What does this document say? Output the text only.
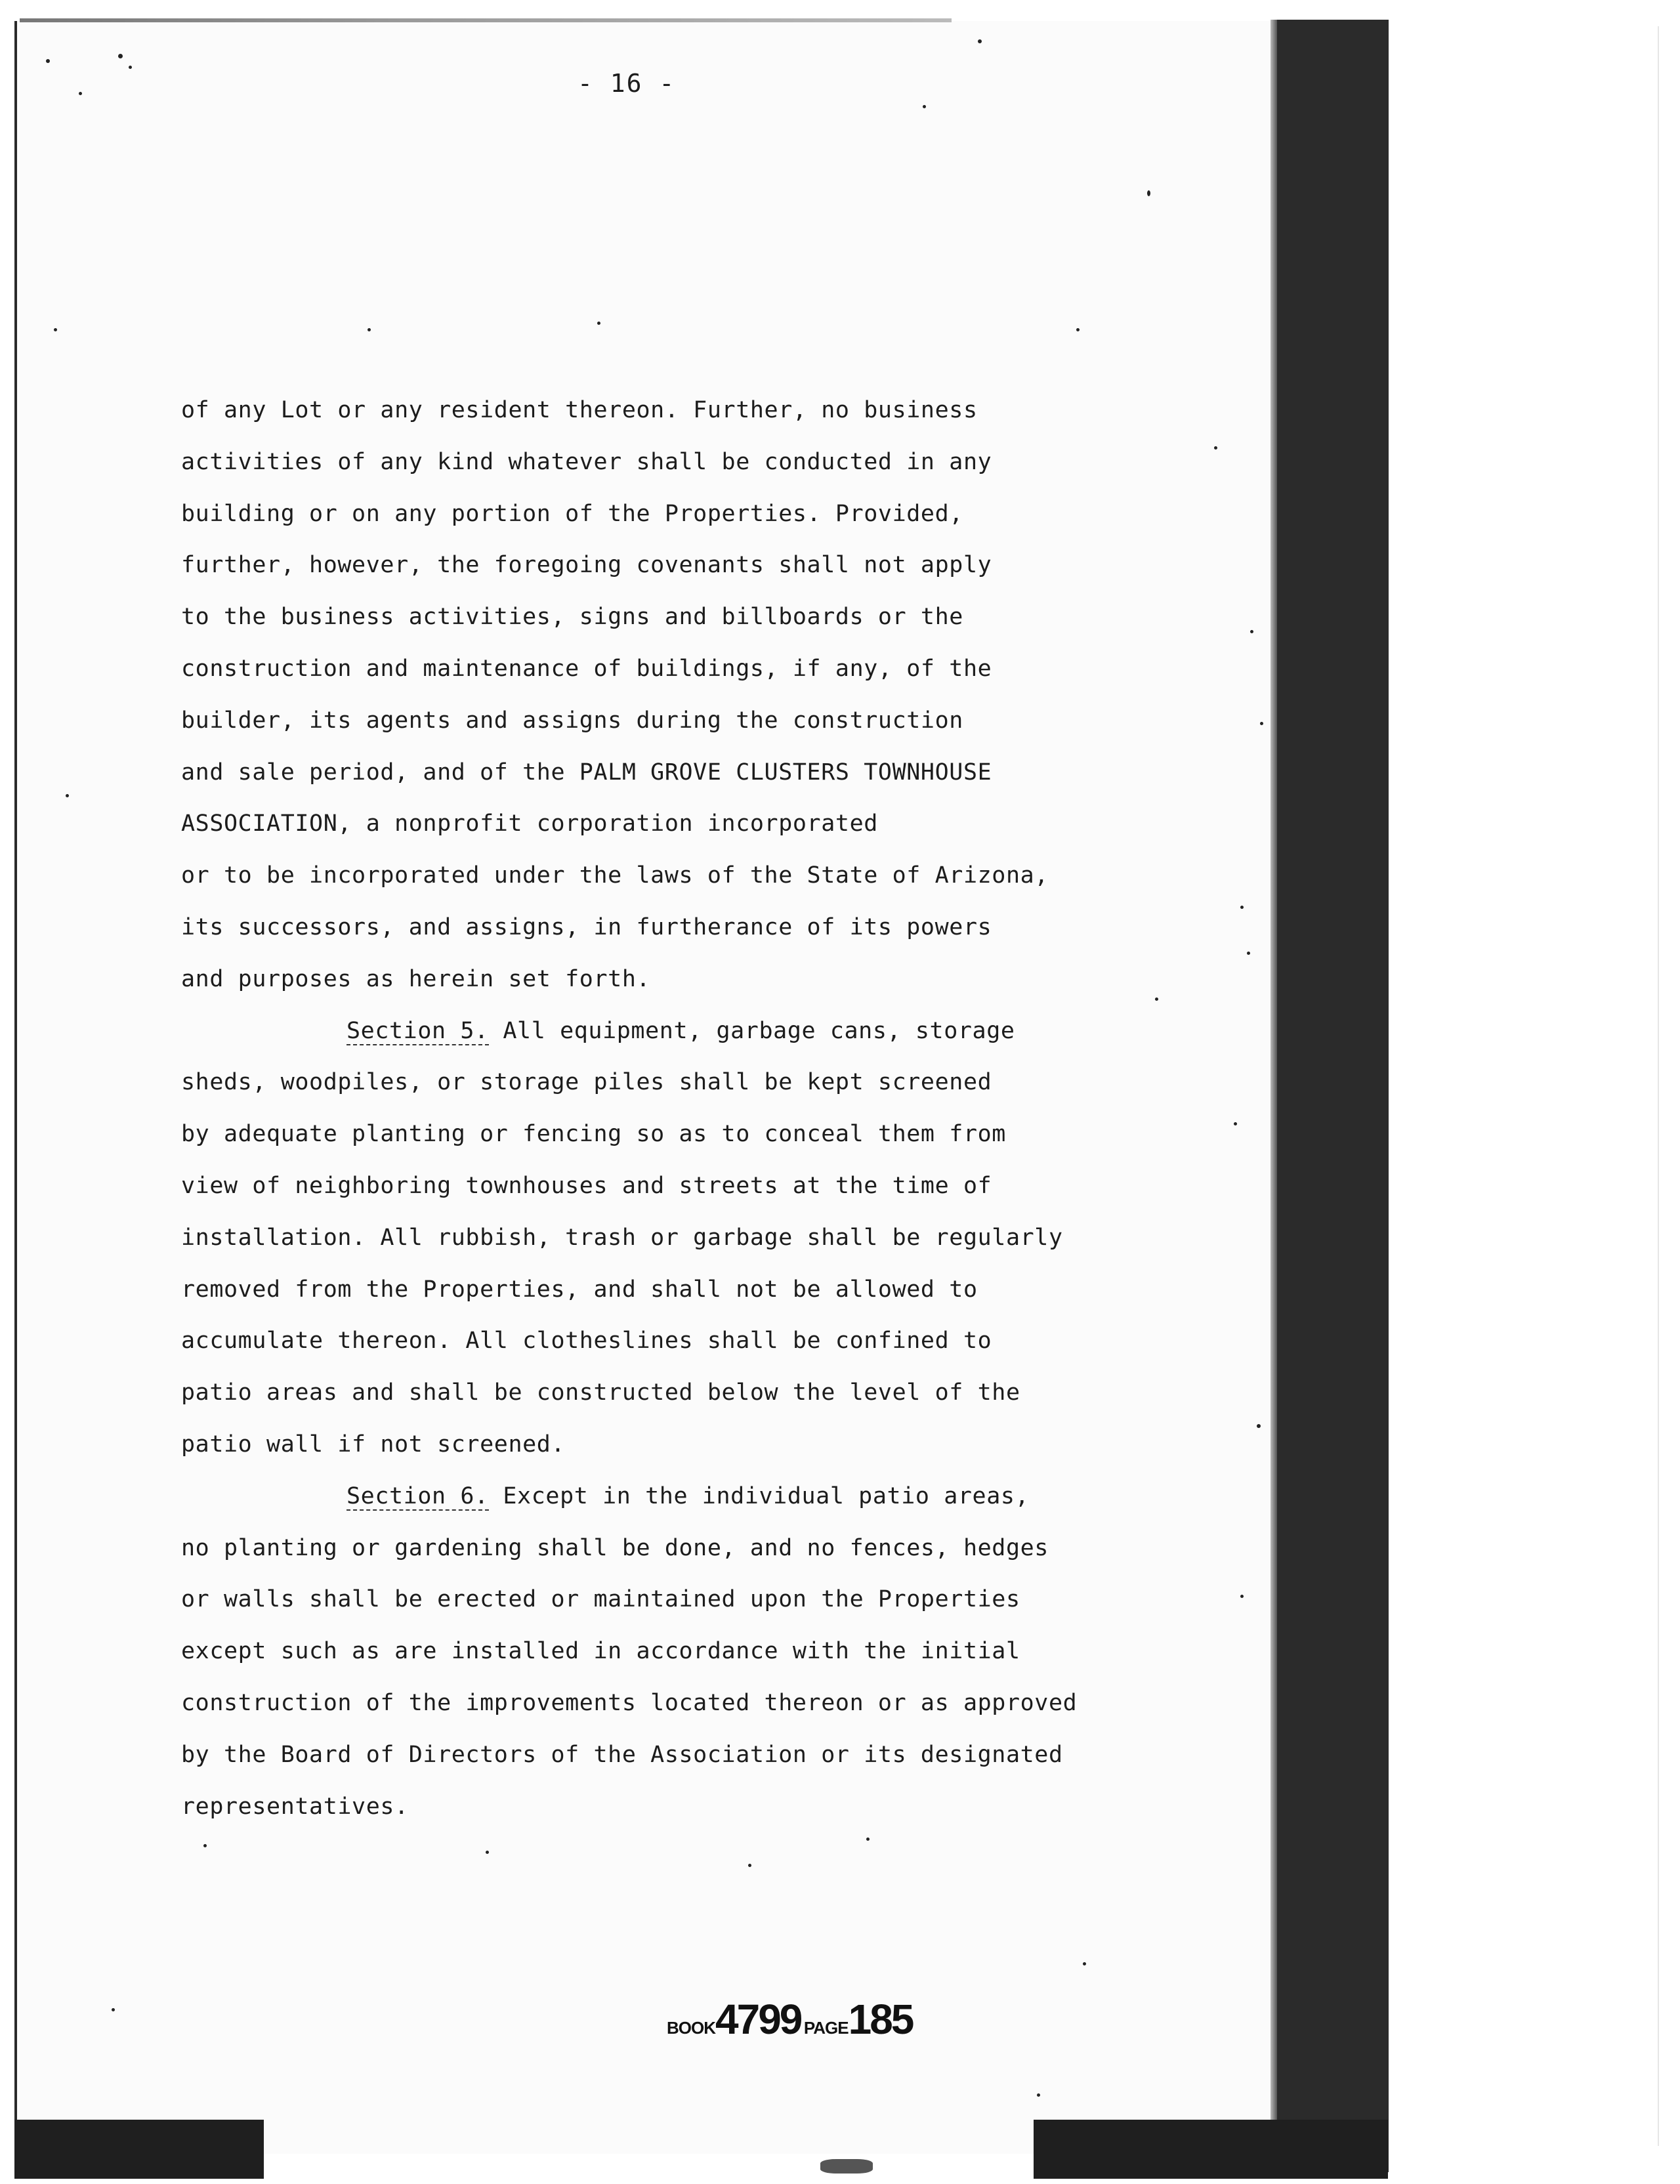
- 16 -
of any Lot or any resident thereon. Further, no business
activities of any kind whatever shall be conducted in any
building or on any portion of the Properties. Provided,
further, however, the foregoing covenants shall not apply
to the business activities, signs and billboards or the
construction and maintenance of buildings, if any, of the
builder, its agents and assigns during the construction
and sale period, and of the PALM GROVE CLUSTERS TOWNHOUSE
ASSOCIATION, a nonprofit corporation incorporated
or to be incorporated under the laws of the State of Arizona,
its successors, and assigns, in furtherance of its powers
and purposes as herein set forth.
Section 5. All equipment, garbage cans, storage
sheds, woodpiles, or storage piles shall be kept screened
by adequate planting or fencing so as to conceal them from
view of neighboring townhouses and streets at the time of
installation. All rubbish, trash or garbage shall be regularly
removed from the Properties, and shall not be allowed to
accumulate thereon. All clotheslines shall be confined to
patio areas and shall be constructed below the level of the
patio wall if not screened.
Section 6. Except in the individual patio areas,
no planting or gardening shall be done, and no fences, hedges
or walls shall be erected or maintained upon the Properties
except such as are installed in accordance with the initial
construction of the improvements located thereon or as approved
by the Board of Directors of the Association or its designated
representatives.
BOOK4799 PAGE185
